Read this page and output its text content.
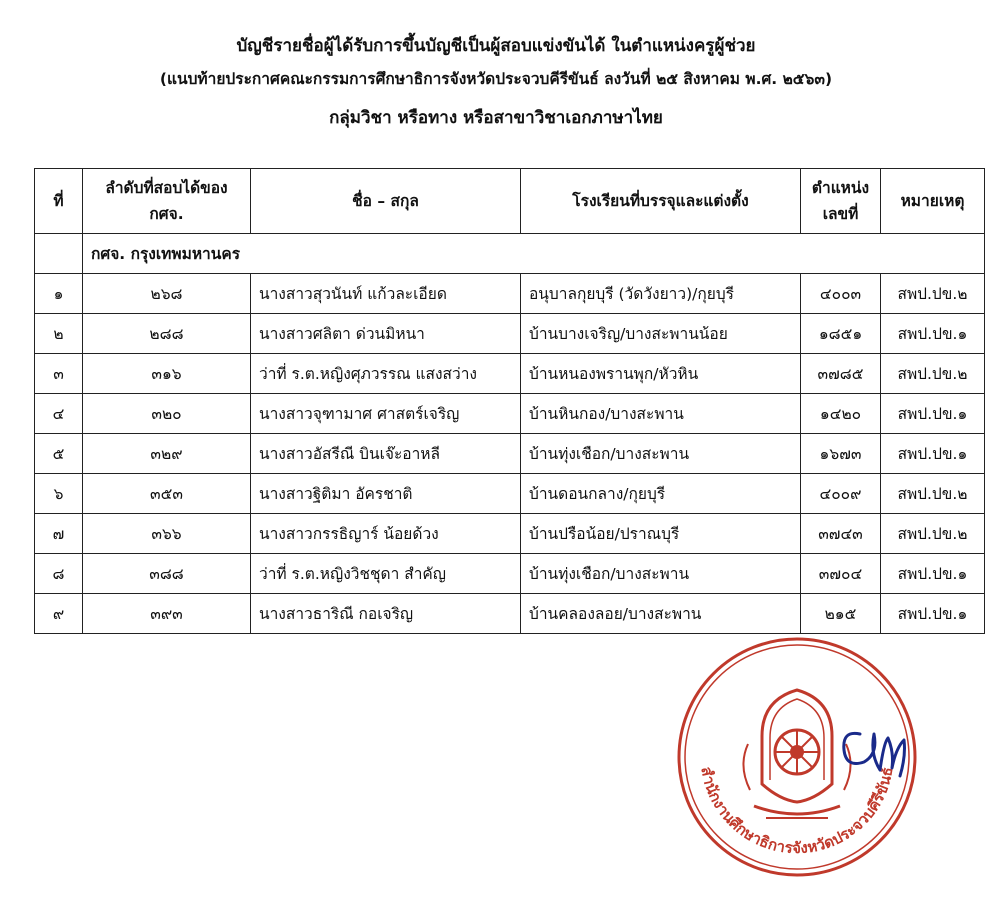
บัญชีรายชื่อผู้ได้รับการขึ้นบัญชีเป็นผู้สอบแข่งขันได้ ในตำแหน่งครูผู้ช่วย
(แนบท้ายประกาศคณะกรรมการศึกษาธิการจังหวัดประจวบคีรีขันธ์ ลงวันที่ ๒๕ สิงหาคม พ.ศ. ๒๕๖๓)
กลุ่มวิชา หรือทาง หรือสาขาวิชาเอกภาษาไทย
ที่	ลำดับที่สอบได้ของ กศจ.	ชื่อ – สกุล	โรงเรียนที่บรรจุและแต่งตั้ง	ตำแหน่งเลขที่	หมายเหตุ
	กศจ. กรุงเทพมหานคร				
๑	๒๖๘	นางสาวสุวนันท์ แก้วละเอียด	อนุบาลกุยบุรี (วัดวังยาว)/กุยบุรี	๔๐๐๓	สพป.ปข.๒
๒	๒๘๘	นางสาวศลิตา ด่วนมิหนา	บ้านบางเจริญ/บางสะพานน้อย	๑๘๕๑	สพป.ปข.๑
๓	๓๑๖	ว่าที่ ร.ต.หญิงศุภวรรณ แสงสว่าง	บ้านหนองพรานพุก/หัวหิน	๓๗๘๕	สพป.ปข.๒
๔	๓๒๐	นางสาวจุฑามาศ ศาสตร์เจริญ	บ้านหินกอง/บางสะพาน	๑๔๒๐	สพป.ปข.๑
๕	๓๒๙	นางสาวอัสรีณี บินเจ๊ะอาหลี	บ้านทุ่งเชือก/บางสะพาน	๑๖๗๓	สพป.ปข.๑
๖	๓๕๓	นางสาวฐิติมา อัครชาติ	บ้านดอนกลาง/กุยบุรี	๔๐๐๙	สพป.ปข.๒
๗	๓๖๖	นางสาวกรรธิญาร์ น้อยด้วง	บ้านปรือน้อย/ปราณบุรี	๓๗๔๓	สพป.ปข.๒
๘	๓๘๘	ว่าที่ ร.ต.หญิงวิชชุดา สำคัญ	บ้านทุ่งเชือก/บางสะพาน	๓๗๐๔	สพป.ปข.๑
๙	๓๙๓	นางสาวธาริณี กอเจริญ	บ้านคลองลอย/บางสะพาน	๒๑๕	สพป.ปข.๑
สำนักงานศึกษาธิการจังหวัดประจวบคีรีขันธ์
